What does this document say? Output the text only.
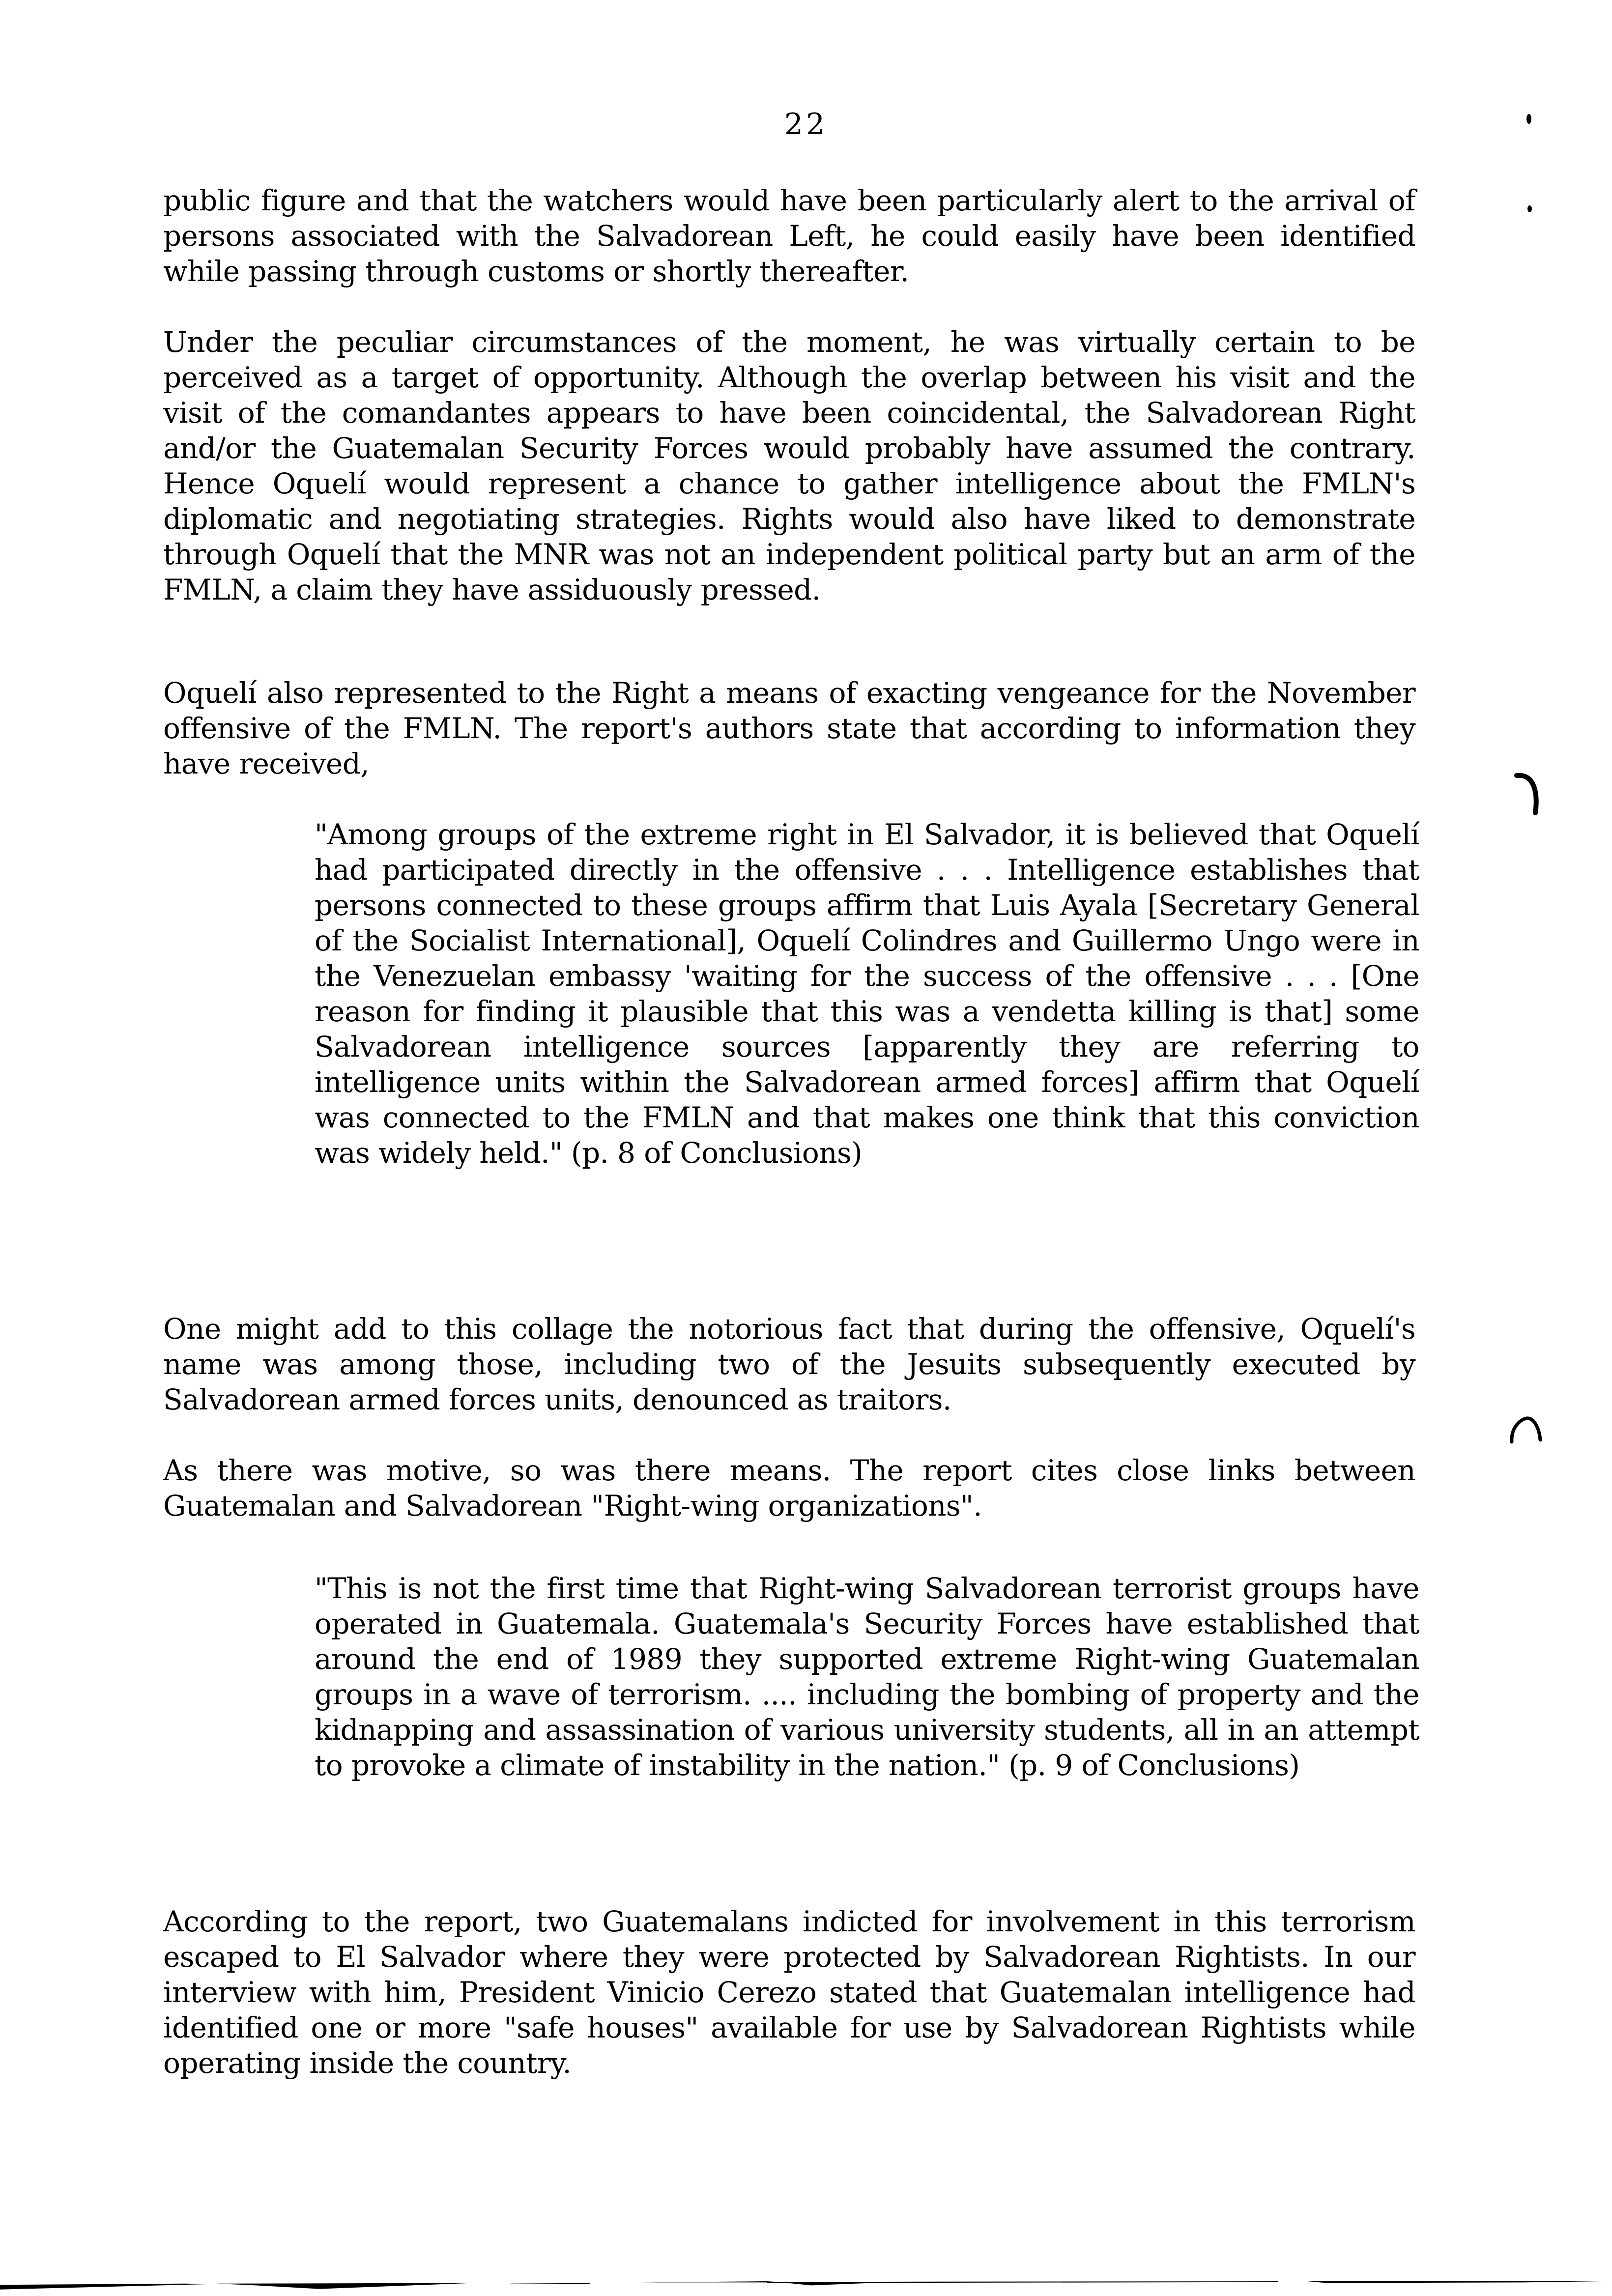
22

public figure and that the watchers would have been particularly alert to the arrival of persons associated with the Salvadorean Left, he could easily have been identified while passing through customs or shortly thereafter.

Under the peculiar circumstances of the moment, he was virtually certain to be perceived as a target of opportunity. Although the overlap between his visit and the visit of the comandantes appears to have been coincidental, the Salvadorean Right and/or the Guatemalan Security Forces would probably have assumed the contrary. Hence Oquelí would represent a chance to gather intelligence about the FMLN's diplomatic and negotiating strategies. Rights would also have liked to demonstrate through Oquelí that the MNR was not an independent political party but an arm of the FMLN, a claim they have assiduously pressed.

Oquelí also represented to the Right a means of exacting vengeance for the November offensive of the FMLN. The report's authors state that according to information they have received,

"Among groups of the extreme right in El Salvador, it is believed that Oquelí had participated directly in the offensive . . . Intelligence establishes that persons connected to these groups affirm that Luis Ayala [Secretary General of the Socialist International], Oquelí Colindres and Guillermo Ungo were in the Venezuelan embassy 'waiting for the success of the offensive . . . [One reason for finding it plausible that this was a vendetta killing is that] some Salvadorean intelligence sources [apparently they are referring to intelligence units within the Salvadorean armed forces] affirm that Oquelí was connected to the FMLN and that makes one think that this conviction was widely held." (p. 8 of Conclusions)

One might add to this collage the notorious fact that during the offensive, Oquelí's name was among those, including two of the Jesuits subsequently executed by Salvadorean armed forces units, denounced as traitors.

As there was motive, so was there means. The report cites close links between Guatemalan and Salvadorean "Right-wing organizations".

"This is not the first time that Right-wing Salvadorean terrorist groups have operated in Guatemala. Guatemala's Security Forces have established that around the end of 1989 they supported extreme Right-wing Guatemalan groups in a wave of terrorism. .... including the bombing of property and the kidnapping and assassination of various university students, all in an attempt to provoke a climate of instability in the nation." (p. 9 of Conclusions)

According to the report, two Guatemalans indicted for involvement in this terrorism escaped to El Salvador where they were protected by Salvadorean Rightists. In our interview with him, President Vinicio Cerezo stated that Guatemalan intelligence had identified one or more "safe houses" available for use by Salvadorean Rightists while operating inside the country.
